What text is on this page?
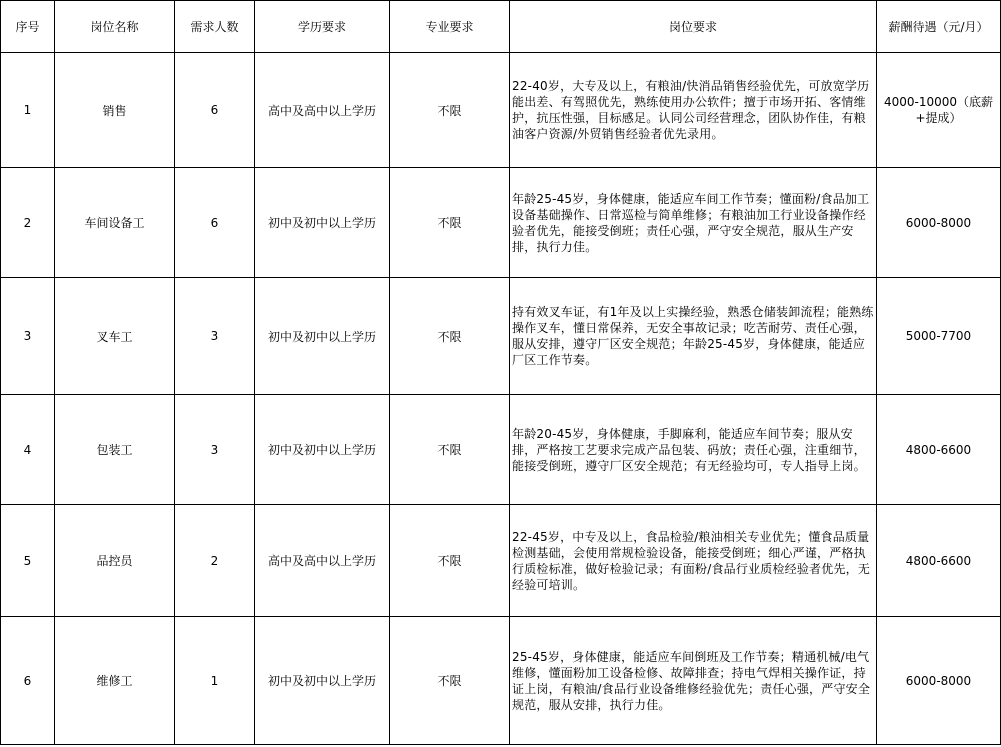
序号	岗位名称	需求人数	学历要求	专业要求	岗位要求	薪酬待遇（元/月）
1	销售	6	高中及高中以上学历	不限	22-40岁，大专及以上，有粮油/快消品销售经验优先，可放宽学历 能出差、有驾照优先，熟练使用办公软件；擅于市场开拓、客情维护，抗压性强，目标感足。认同公司经营理念，团队协作佳，有粮油客户资源/外贸销售经验者优先录用。	4000-10000（底薪+提成）
2	车间设备工	6	初中及初中以上学历	不限	年龄25-45岁，身体健康，能适应车间工作节奏；懂面粉/食品加工设备基础操作、日常巡检与简单维修；有粮油加工行业设备操作经验者优先，能接受倒班；责任心强，严守安全规范，服从生产安排，执行力佳。	6000-8000
3	叉车工	3	初中及初中以上学历	不限	持有效叉车证，有1年及以上实操经验，熟悉仓储装卸流程；能熟练操作叉车，懂日常保养，无安全事故记录；吃苦耐劳、责任心强，服从安排，遵守厂区安全规范；年龄25-45岁，身体健康，能适应厂区工作节奏。	5000-7700
4	包装工	3	初中及初中以上学历	不限	年龄20-45岁，身体健康，手脚麻利，能适应车间节奏；服从安排，严格按工艺要求完成产品包装、码放；责任心强，注重细节，能接受倒班，遵守厂区安全规范；有无经验均可，专人指导上岗。	4800-6600
5	品控员	2	高中及高中以上学历	不限	22-45岁，中专及以上，食品检验/粮油相关专业优先；懂食品质量检测基础，会使用常规检验设备，能接受倒班；细心严谨，严格执行质检标准，做好检验记录；有面粉/食品行业质检经验者优先，无经验可培训。	4800-6600
6	维修工	1	初中及初中以上学历	不限	25-45岁，身体健康，能适应车间倒班及工作节奏；精通机械/电气维修，懂面粉加工设备检修、故障排查；持电气焊相关操作证，持证上岗，有粮油/食品行业设备维修经验优先；责任心强，严守安全规范，服从安排，执行力佳。	6000-8000
